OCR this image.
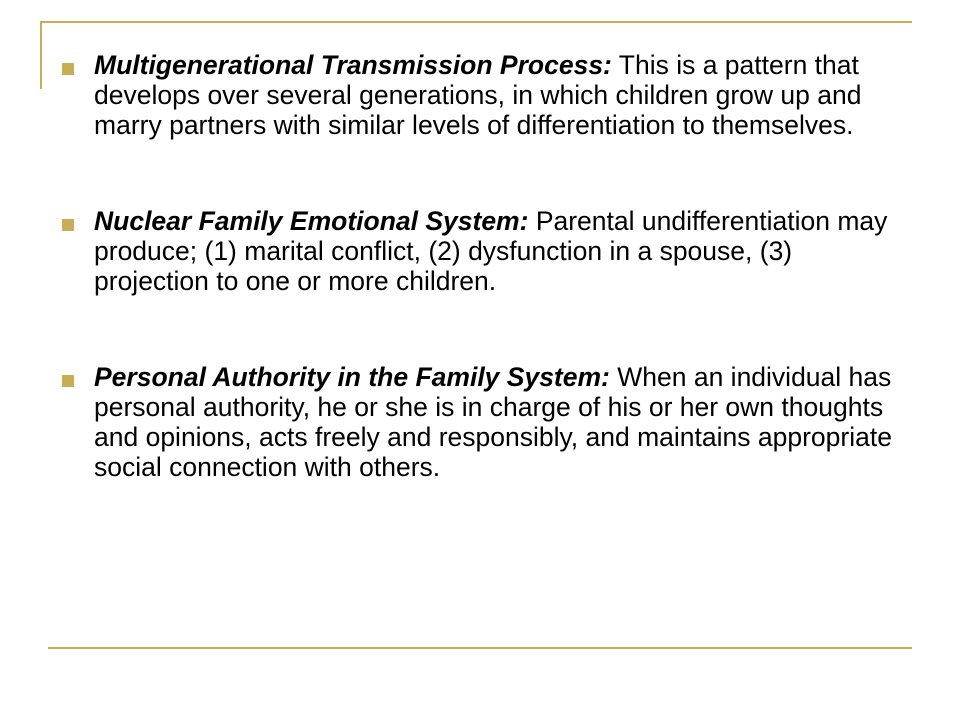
Multigenerational Transmission Process: This is a pattern that develops over several generations, in which children grow up and marry partners with similar levels of differentiation to themselves.

Nuclear Family Emotional System: Parental undifferentiation may produce; (1) marital conflict, (2) dysfunction in a spouse, (3) projection to one or more children.

Personal Authority in the Family System: When an individual has personal authority, he or she is in charge of his or her own thoughts and opinions, acts freely and responsibly, and maintains appropriate social connection with others.
